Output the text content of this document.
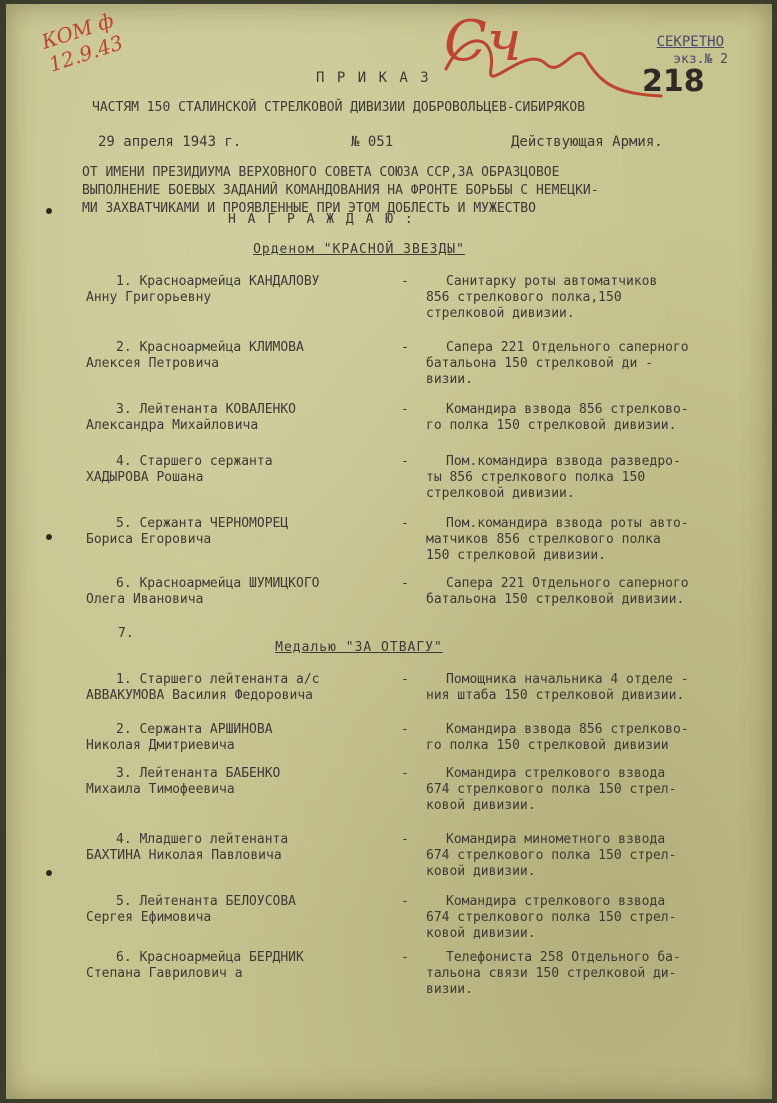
КОМ ф
12.9.43	Сч	СЕКРЕТНО
экз.№ 2
218
П Р И К А З
ЧАСТЯМ 150 СТАЛИНСКОЙ СТРЕЛКОВОЙ ДИВИЗИИ ДОБРОВОЛЬЦЕВ-СИБИРЯКОВ
29 апреля 1943 г.	№ 051	Действующая Армия.
ОТ ИМЕНИ ПРЕЗИДИУМА ВЕРХОВНОГО СОВЕТА СОЮЗА ССР,ЗА ОБРАЗЦОВОЕ
ВЫПОЛНЕНИЕ БОЕВЫХ ЗАДАНИЙ КОМАНДОВАНИЯ НА ФРОНТЕ БОРЬБЫ С НЕМЕЦКИ-
МИ ЗАХВАТЧИКАМИ И ПРОЯВЛЕННЫЕ ПРИ ЭТОМ ДОБЛЕСТЬ И МУЖЕСТВО
Н А Г Р А Ж Д А Ю :
Орденом "КРАСНОЙ ЗВЕЗДЫ"
1. Красноармейца КАНДАЛОВУ
Анну Григорьевну
-	Санитарку роты автоматчиков
856 стрелкового полка,150
стрелковой дивизии.
2. Красноармейца КЛИМОВА
Алексея Петровича
-	Сапера 221 Отдельного саперного
батальона 150 стрелковой ди -
визии.
3. Лейтенанта КОВАЛЕНКО
Александра Михайловича
-	Командира взвода 856 стрелково-
го полка 150 стрелковой дивизии.
4. Старшего сержанта
ХАДЫРОВА Рошана
-	Пом.командира взвода разведро-
ты 856 стрелкового полка 150
стрелковой дивизии.
5. Сержанта ЧЕРНОМОРЕЦ
Бориса Егоровича
-	Пом.командира взвода роты авто-
матчиков 856 стрелкового полка
150 стрелковой дивизии.
6. Красноармейца ШУМИЦКОГО
Олега Ивановича
-	Сапера 221 Отдельного саперного
батальона 150 стрелковой дивизии.
7.
Медалью "ЗА ОТВАГУ"
1. Старшего лейтенанта а/с
АВВАКУМОВА Василия Федоровича
-	Помощника начальника 4 отделе -
ния штаба 150 стрелковой дивизии.
2. Сержанта АРШИНОВА
Николая Дмитриевича
-	Командира взвода 856 стрелково-
го полка 150 стрелковой дивизии
3. Лейтенанта БАБЕНКО
Михаила Тимофеевича
-	Командира стрелкового взвода
674 стрелкового полка 150 стрел-
ковой дивизии.
4. Младшего лейтенанта
БАХТИНА Николая Павловича
-	Командира минометного взвода
674 стрелкового полка 150 стрел-
ковой дивизии.
5. Лейтенанта БЕЛОУСОВА
Сергея Ефимовича
-	Командира стрелкового взвода
674 стрелкового полка 150 стрел-
ковой дивизии.
6. Красноармейца БЕРДНИК
Степана Гаврилович а
-	Телефониста 258 Отдельного ба-
тальона связи 150 стрелковой ди-
визии.
